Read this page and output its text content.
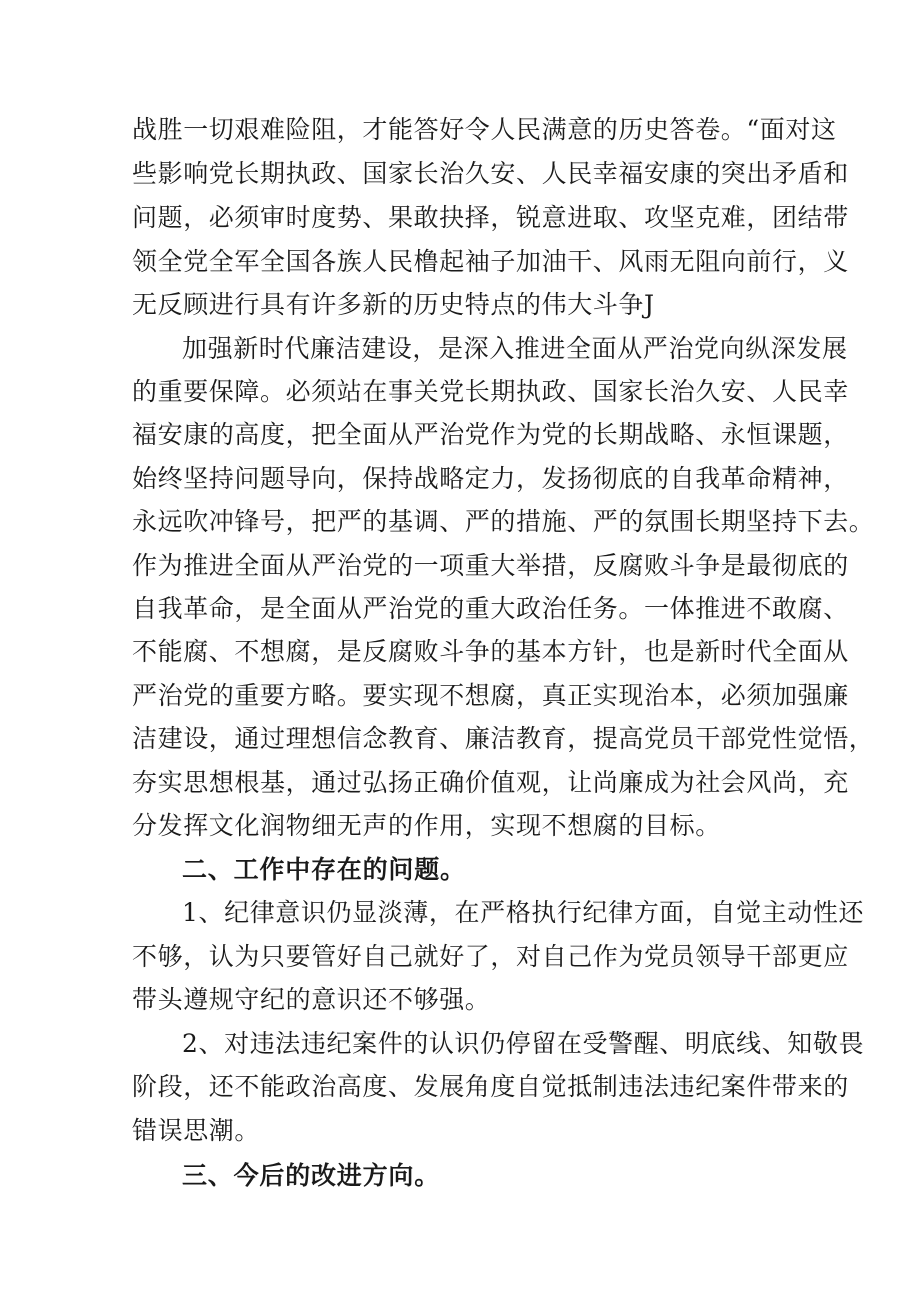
战胜一切艰难险阻，才能答好令人民满意的历史答卷。“面对这
些影响党长期执政、国家长治久安、人民幸福安康的突出矛盾和
问题，必须审时度势、果敢抉择，锐意进取、攻坚克难，团结带
领全党全军全国各族人民橹起袖子加油干、风雨无阻向前行，义
无反顾进行具有许多新的历史特点的伟大斗争J
加强新时代廉洁建设，是深入推进全面从严治党向纵深发展
的重要保障。必须站在事关党长期执政、国家长治久安、人民幸
福安康的高度，把全面从严治党作为党的长期战略、永恒课题，
始终坚持问题导向，保持战略定力，发扬彻底的自我革命精神，
永远吹冲锋号，把严的基调、严的措施、严的氛围长期坚持下去。
作为推进全面从严治党的一项重大举措，反腐败斗争是最彻底的
自我革命，是全面从严治党的重大政治任务。一体推进不敢腐、
不能腐、不想腐，是反腐败斗争的基本方针，也是新时代全面从
严治党的重要方略。要实现不想腐，真正实现治本，必须加强廉
洁建设，通过理想信念教育、廉洁教育，提高党员干部党性觉悟，
夯实思想根基，通过弘扬正确价值观，让尚廉成为社会风尚，充
分发挥文化润物细无声的作用，实现不想腐的目标。
二、工作中存在的问题。
1、纪律意识仍显淡薄，在严格执行纪律方面，自觉主动性还
不够，认为只要管好自己就好了，对自己作为党员领导干部更应
带头遵规守纪的意识还不够强。
2、对违法违纪案件的认识仍停留在受警醒、明底线、知敬畏
阶段，还不能政治高度、发展角度自觉抵制违法违纪案件带来的
错误思潮。
三、今后的改进方向。
